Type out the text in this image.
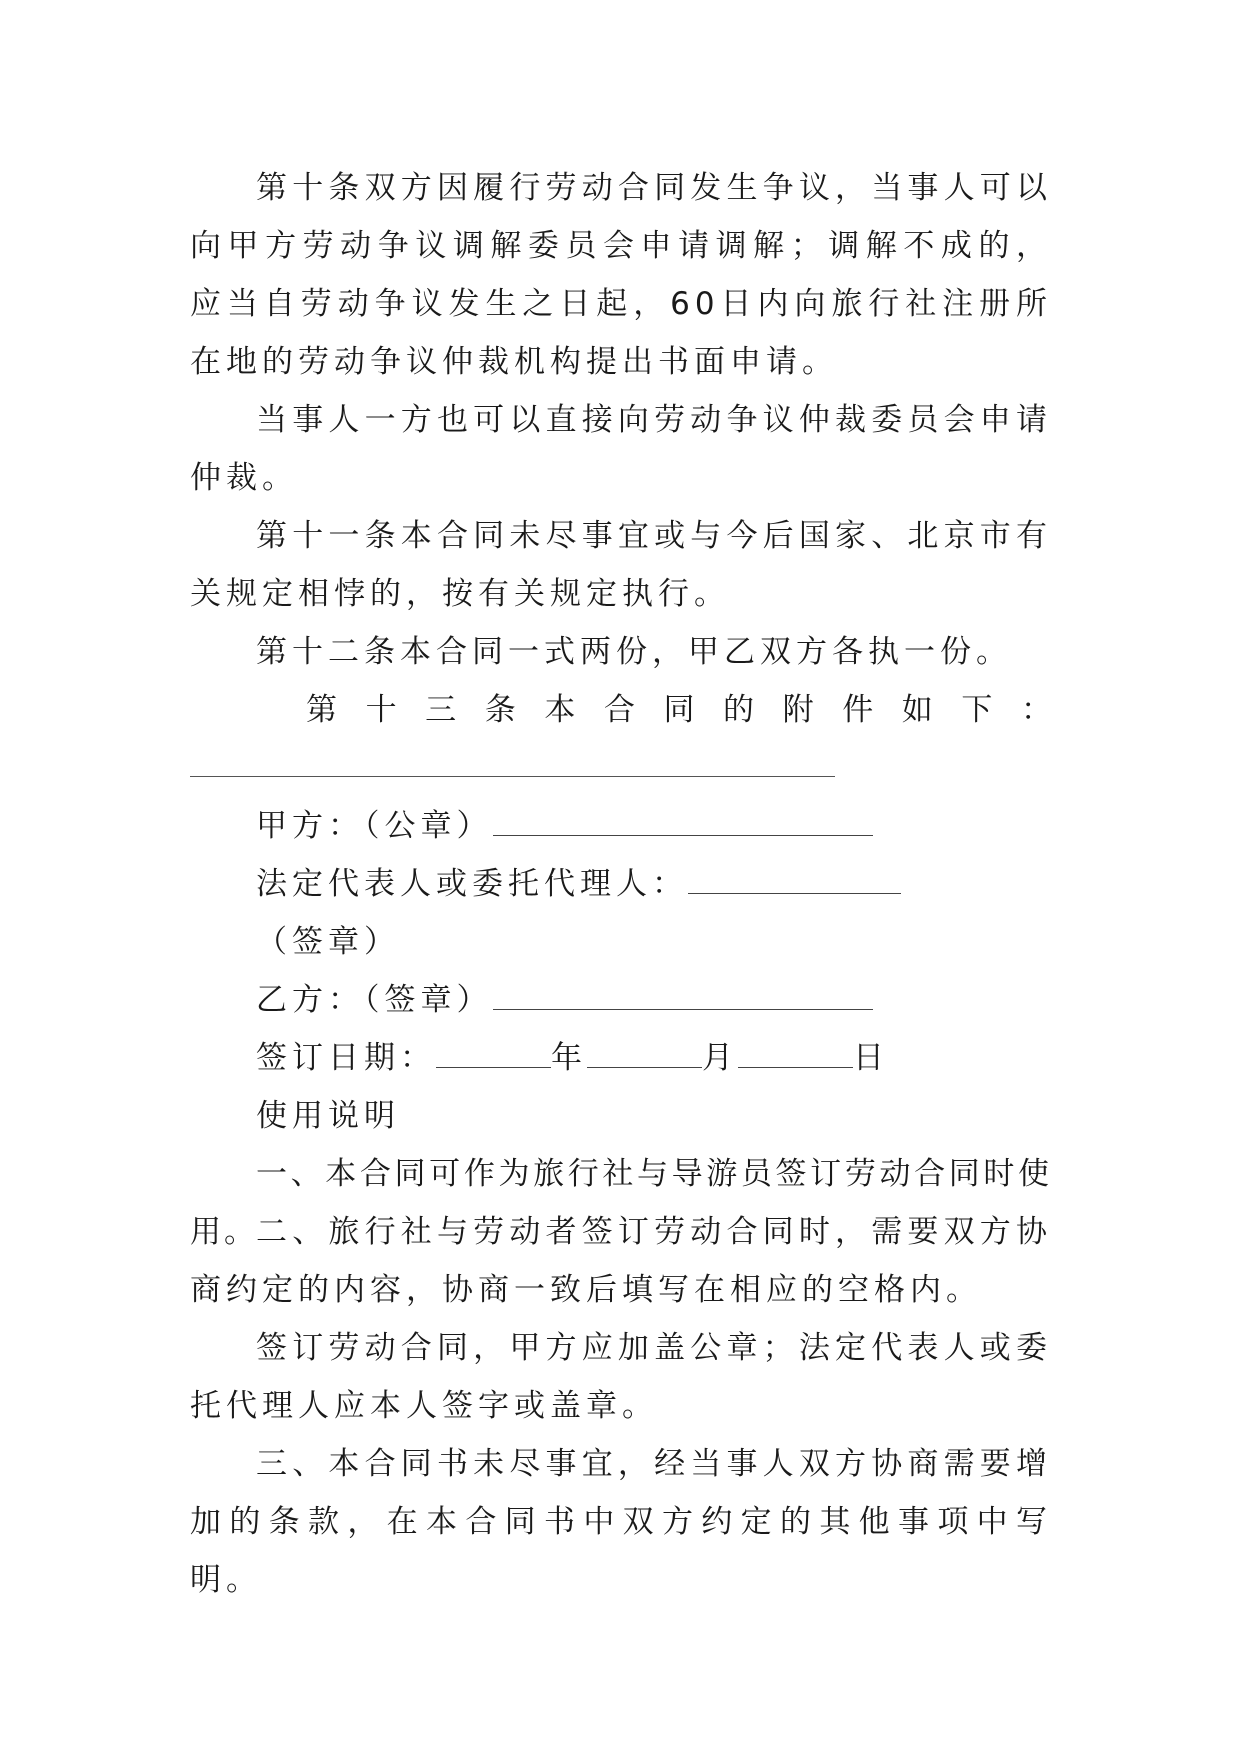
第十条双方因履行劳动合同发生争议，当事人可以向甲方劳动争议调解委员会申请调解；调解不成的，应当自劳动争议发生之日起，60日内向旅行社注册所在地的劳动争议仲裁机构提出书面申请。

当事人一方也可以直接向劳动争议仲裁委员会申请仲裁。

第十一条本合同未尽事宜或与今后国家、北京市有关规定相悖的，按有关规定执行。

第十二条本合同一式两份，甲乙双方各执一份。

第 十 三 条 本 合 同 的 附 件 如 下 ：
甲方：（公章）
法定代表人或委托代理人：
（签章）
乙方：（签章）
签订日期：	年	月	日
使用说明

一、本合同可作为旅行社与导游员签订劳动合同时使用。

二、旅行社与劳动者签订劳动合同时，需要双方协商约定的内容，协商一致后填写在相应的空格内。

签订劳动合同，甲方应加盖公章；法定代表人或委托代理人应本人签字或盖章。

三、本合同书未尽事宜，经当事人双方协商需要增加的条款，在本合同书中双方约定的其他事项中写明。
